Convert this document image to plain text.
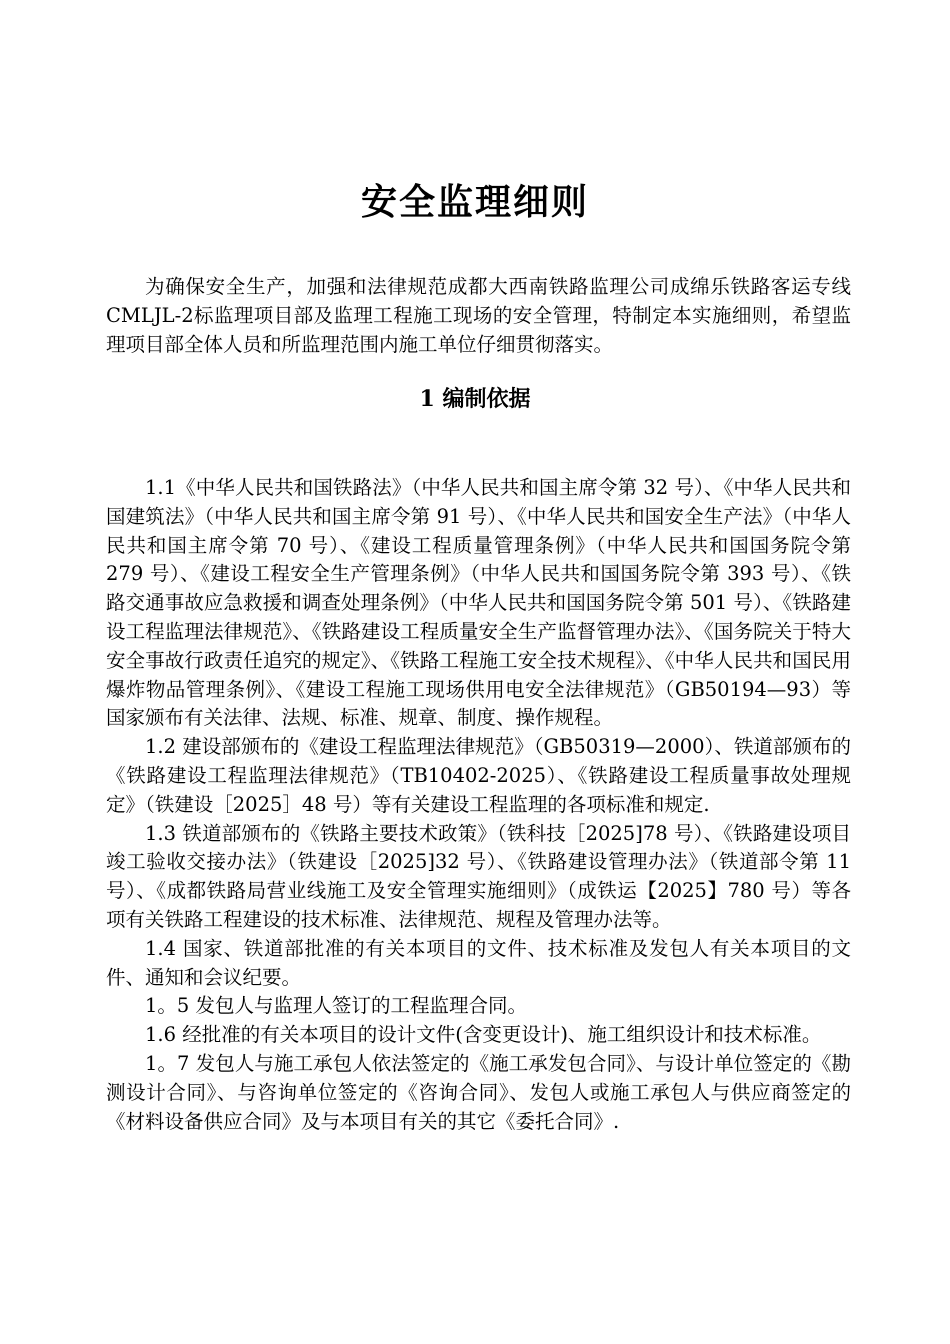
安全监理细则

为确保安全生产，加强和法律规范成都大西南铁路监理公司成绵乐铁路客运专线CMLJL-2标监理项目部及监理工程施工现场的安全管理，特制定本实施细则，希望监理项目部全体人员和所监理范围内施工单位仔细贯彻落实。

1 编制依据

1.1《中华人民共和国铁路法》（中华人民共和国主席令第 32 号）、《中华人民共和国建筑法》（中华人民共和国主席令第 91 号）、《中华人民共和国安全生产法》（中华人民共和国主席令第 70 号）、《建设工程质量管理条例》（中华人民共和国国务院令第 279 号）、《建设工程安全生产管理条例》（中华人民共和国国务院令第 393 号）、《铁路交通事故应急救援和调查处理条例》（中华人民共和国国务院令第 501 号）、《铁路建设工程监理法律规范》、《铁路建设工程质量安全生产监督管理办法》、《国务院关于特大安全事故行政责任追究的规定》、《铁路工程施工安全技术规程》、《中华人民共和国民用爆炸物品管理条例》、《建设工程施工现场供用电安全法律规范》（GB50194—93）等国家颁布有关法律、法规、标准、规章、制度、操作规程。

1.2 建设部颁布的《建设工程监理法律规范》（GB50319—2000）、铁道部颁布的《铁路建设工程监理法律规范》（TB10402-2025）、《铁路建设工程质量事故处理规定》（铁建设［2025］48 号）等有关建设工程监理的各项标准和规定.

1.3 铁道部颁布的《铁路主要技术政策》（铁科技［2025]78 号）、《铁路建设项目竣工验收交接办法》（铁建设［2025]32 号）、《铁路建设管理办法》（铁道部令第 11 号）、《成都铁路局营业线施工及安全管理实施细则》（成铁运【2025】780 号）等各项有关铁路工程建设的技术标准、法律规范、规程及管理办法等。

1.4 国家、铁道部批准的有关本项目的文件、技术标准及发包人有关本项目的文件、通知和会议纪要。

1。5 发包人与监理人签订的工程监理合同。

1.6 经批准的有关本项目的设计文件(含变更设计)、施工组织设计和技术标准。

1。7 发包人与施工承包人依法签定的《施工承发包合同》、与设计单位签定的《勘测设计合同》、与咨询单位签定的《咨询合同》、发包人或施工承包人与供应商签定的《材料设备供应合同》及与本项目有关的其它《委托合同》.
